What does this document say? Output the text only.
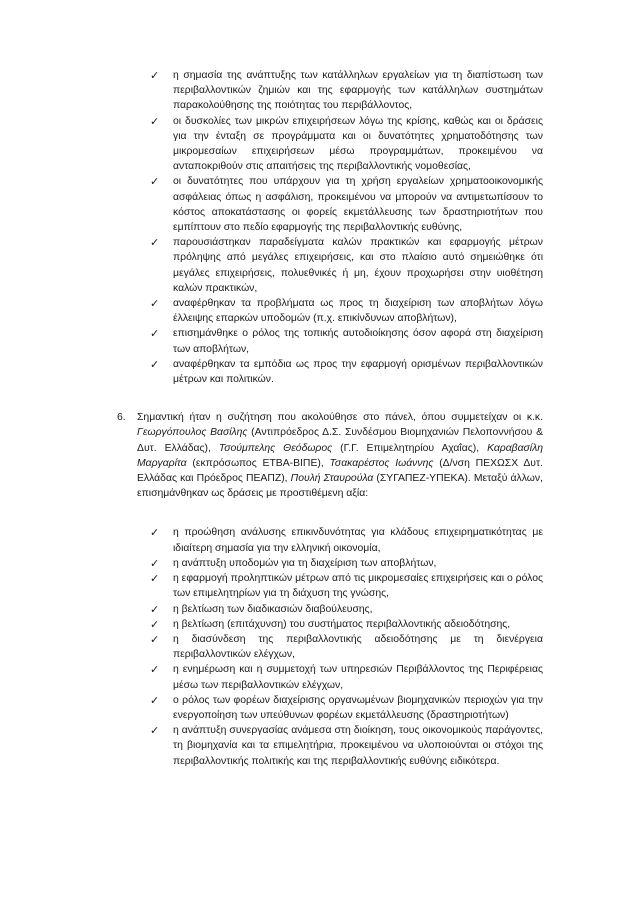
✓ η σημασία της ανάπτυξης των κατάλληλων εργαλείων για τη διαπίστωση των περιβαλλοντικών ζημιών και της εφαρμογής των κατάλληλων συστημάτων παρακολούθησης της ποιότητας του περιβάλλοντος,
✓ οι δυσκολίες των μικρών επιχειρήσεων λόγω της κρίσης, καθώς και οι δράσεις για την ένταξη σε προγράμματα και οι δυνατότητες χρηματοδότησης των μικρομεσαίων επιχειρήσεων μέσω προγραμμάτων, προκειμένου να ανταποκριθούν στις απαιτήσεις της περιβαλλοντικής νομοθεσίας,
✓ οι δυνατότητες που υπάρχουν για τη χρήση εργαλείων χρηματοοικονομικής ασφάλειας όπως η ασφάλιση, προκειμένου να μπορούν να αντιμετωπίσουν το κόστος αποκατάστασης οι φορείς εκμετάλλευσης των δραστηριοτήτων που εμπίπτουν στο πεδίο εφαρμογής της περιβαλλοντικής ευθύνης,
✓ παρουσιάστηκαν παραδείγματα καλών πρακτικών και εφαρμογής μέτρων πρόληψης από μεγάλες επιχειρήσεις, και στο πλαίσιο αυτό σημειώθηκε ότι μεγάλες επιχειρήσεις, πολυεθνικές ή μη, έχουν προχωρήσει στην υιοθέτηση καλών πρακτικών,
✓ αναφέρθηκαν τα προβλήματα ως προς τη διαχείριση των αποβλήτων λόγω έλλειψης επαρκών υποδομών (π.χ. επικίνδυνων αποβλήτων),
✓ επισημάνθηκε ο ρόλος της τοπικής αυτοδιοίκησης όσον αφορά στη διαχείριση των αποβλήτων,
✓ αναφέρθηκαν τα εμπόδια ως προς την εφαρμογή ορισμένων περιβαλλοντικών μέτρων και πολιτικών.
6. Σημαντική ήταν η συζήτηση που ακολούθησε στο πάνελ, όπου συμμετείχαν οι κ.κ. Γεωργόπουλος Βασίλης (Αντιπρόεδρος Δ.Σ. Συνδέσμου Βιομηχανιών Πελοποννήσου & Δυτ. Ελλάδας), Τσούμπελης Θεόδωρος (Γ.Γ. Επιμελητηρίου Αχαΐας), Καραβασίλη Μαργαρίτα (εκπρόσωπος ΕΤΒΑ-ΒΙΠΕ), Τσακαρέστος Ιωάννης (Δ/νση ΠΕΧΩΣΧ Δυτ. Ελλάδας και Πρόεδρος ΠΕΑΠΖ), Πουλή Σταυρούλα (ΣΥΓΑΠΕΖ-ΥΠΕΚΑ). Μεταξύ άλλων, επισημάνθηκαν ως δράσεις με προστιθέμενη αξία:
✓ η προώθηση ανάλυσης επικινδυνότητας για κλάδους επιχειρηματικότητας με ιδιαίτερη σημασία για την ελληνική οικονομία,
✓ η ανάπτυξη υποδομών για τη διαχείριση των αποβλήτων,
✓ η εφαρμογή προληπτικών μέτρων από τις μικρομεσαίες επιχειρήσεις και ο ρόλος των επιμελητηρίων για τη διάχυση της γνώσης,
✓ η βελτίωση των διαδικασιών διαβούλευσης,
✓ η βελτίωση (επιτάχυνση) του συστήματος περιβαλλοντικής αδειοδότησης,
✓ η διασύνδεση της περιβαλλοντικής αδειοδότησης με τη διενέργεια περιβαλλοντικών ελέγχων,
✓ η ενημέρωση και η συμμετοχή των υπηρεσιών Περιβάλλοντος της Περιφέρειας μέσω των περιβαλλοντικών ελέγχων,
✓ ο ρόλος των φορέων διαχείρισης οργανωμένων βιομηχανικών περιοχών για την ενεργοποίηση των υπεύθυνων φορέων εκμετάλλευσης (δραστηριοτήτων)
✓ η ανάπτυξη συνεργασίας ανάμεσα στη διοίκηση, τους οικονομικούς παράγοντες, τη βιομηχανία και τα επιμελητήρια, προκειμένου να υλοποιούνται οι στόχοι της περιβαλλοντικής πολιτικής και της περιβαλλοντικής ευθύνης ειδικότερα.
